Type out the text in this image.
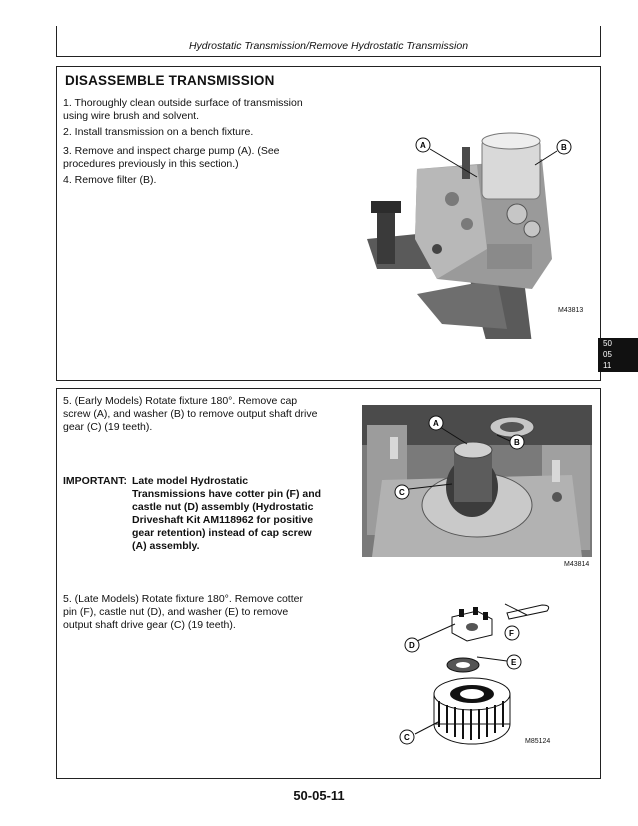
Hydrostatic Transmission/Remove Hydrostatic Transmission
DISASSEMBLE TRANSMISSION
1. Thoroughly clean outside surface of transmission using wire brush and solvent.
2. Install transmission on a bench fixture.
3. Remove and inspect charge pump (A). (See procedures previously in this section.)
4. Remove filter (B).
A	B
M43813
50
05
11
5. (Early Models) Rotate fixture 180°. Remove cap screw (A), and washer (B) to remove output shaft drive gear (C) (19 teeth).
IMPORTANT: Late model Hydrostatic Transmissions have cotter pin (F) and castle nut (D) assembly (Hydrostatic Driveshaft Kit AM118962 for positive gear retention) instead of cap screw (A) assembly.
5. (Late Models) Rotate fixture 180°. Remove cotter pin (F), castle nut (D), and washer (E) to remove output shaft drive gear (C) (19 teeth).
A
B
C
M43814
D
E
F
C	M85124
50-05-11
